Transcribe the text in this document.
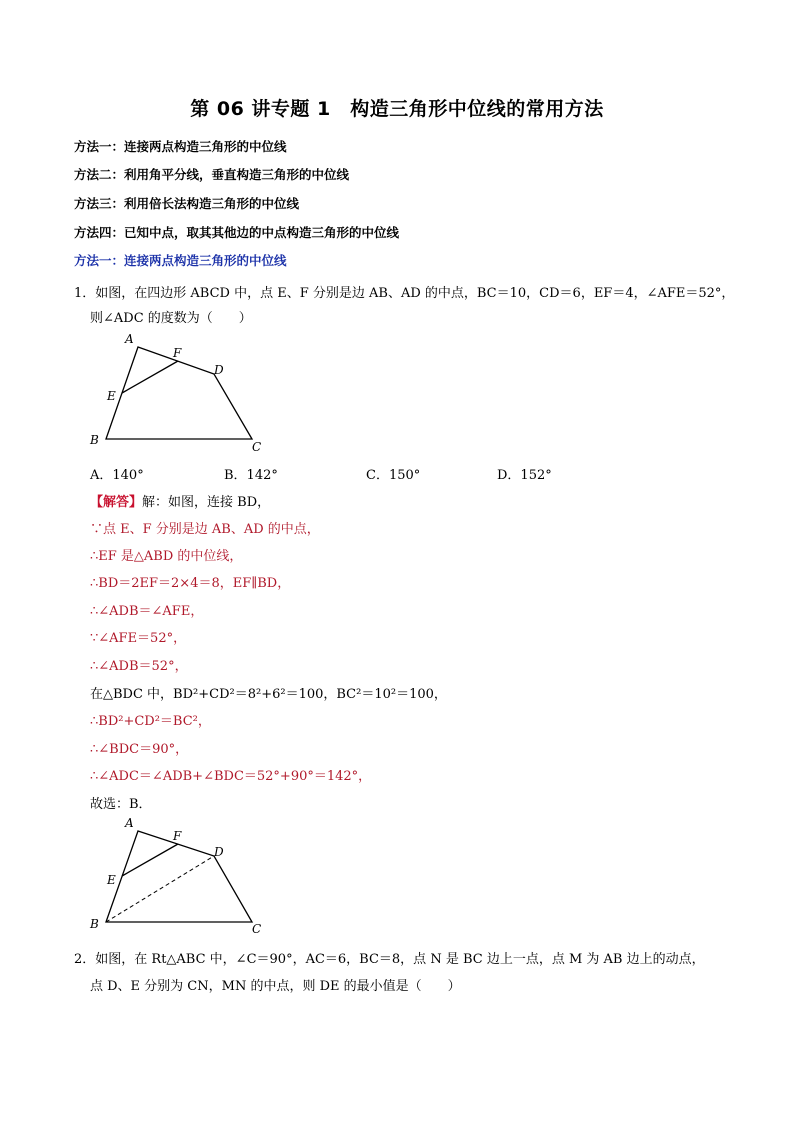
第 06 讲专题 1　构造三角形中位线的常用方法
方法一：连接两点构造三角形的中位线
方法二：利用角平分线，垂直构造三角形的中位线
方法三：利用倍长法构造三角形的中位线
方法四：已知中点，取其其他边的中点构造三角形的中位线
方法一：连接两点构造三角形的中位线
1．如图，在四边形 ABCD 中，点 E、F 分别是边 AB、AD 的中点，BC＝10，CD＝6，EF＝4，∠AFE＝52°，
则∠ADC 的度数为（　　）
A
F
D
E
B	C
A．140°	B．142°	C．150°	D．152°
【解答】解：如图，连接 BD，
∵点 E、F 分别是边 AB、AD 的中点，
∴EF 是△ABD 的中位线，
∴BD＝2EF＝2×4＝8，EF∥BD，
∴∠ADB＝∠AFE，
∵∠AFE＝52°，
∴∠ADB＝52°，
在△BDC 中，BD²+CD²＝8²+6²＝100，BC²＝10²＝100，
∴BD²+CD²＝BC²，
∴∠BDC＝90°，
∴∠ADC＝∠ADB+∠BDC＝52°+90°＝142°，
故选：B．
A
F
D
E
B	C
2．如图，在 Rt△ABC 中，∠C＝90°，AC＝6，BC＝8，点 N 是 BC 边上一点，点 M 为 AB 边上的动点，
点 D、E 分别为 CN，MN 的中点，则 DE 的最小值是（　　）
